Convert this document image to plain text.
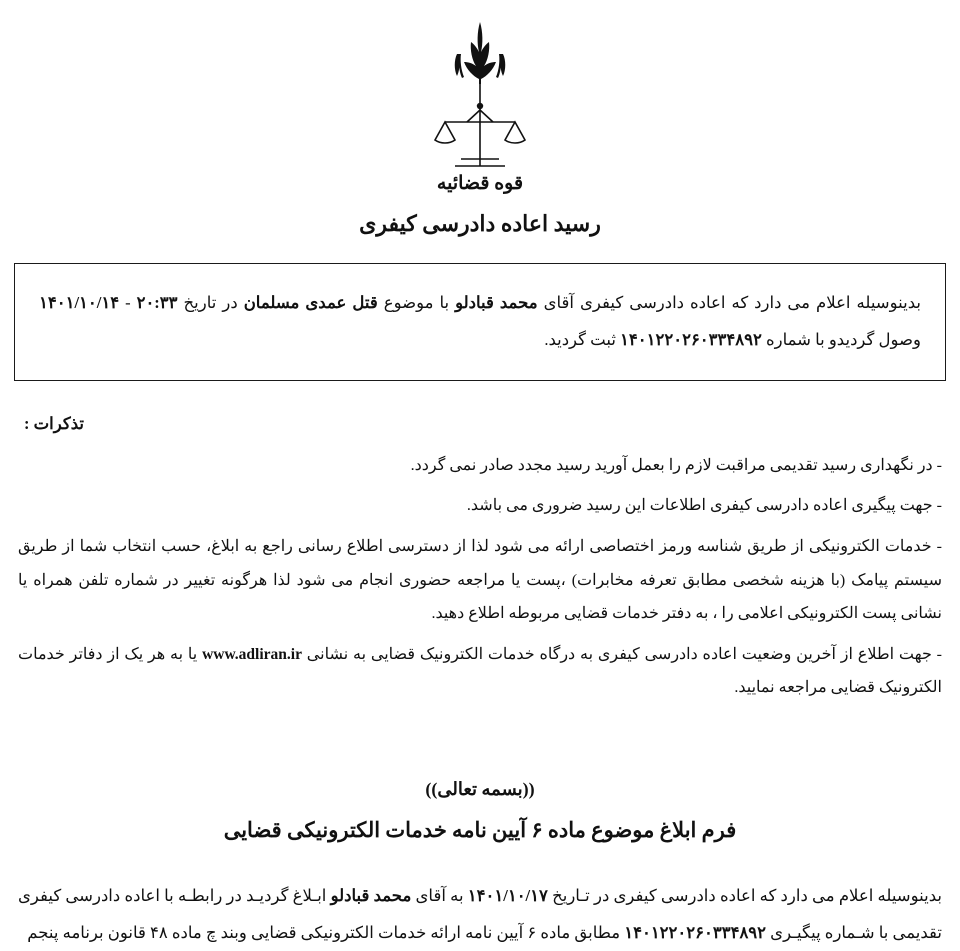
قوه قضائیه
رسید اعاده دادرسی کیفری
بدینوسیله اعلام می دارد که اعاده دادرسی کیفری آقای محمد قبادلو با موضوع قتل عمدی مسلمان در تاریخ ۲۰:۳۳ - ۱۴۰۱/۱۰/۱۴ وصول گردیدو با شماره ۱۴۰۱۲۲۰۲۶۰۳۳۴۸۹۲ ثبت گردید.
تذکرات :
- در نگهداری رسید تقدیمی مراقبت لازم را بعمل آورید رسید مجدد صادر نمی گردد.
- جهت پیگیری اعاده دادرسی کیفری اطلاعات این رسید ضروری می باشد.
- خدمات الکترونیکی از طریق شناسه ورمز اختصاصی ارائه می شود لذا از دسترسی اطلاع رسانی راجع به ابلاغ، حسب انتخاب شما از طریق سیستم پیامک (با هزینه شخصی مطابق تعرفه مخابرات) ،پست یا مراجعه حضوری انجام می شود لذا هرگونه تغییر در شماره تلفن همراه یا نشانی پست الکترونیکی اعلامی را ، به دفتر خدمات قضایی مربوطه اطلاع دهید.
- جهت اطلاع از آخرین وضعیت اعاده دادرسی کیفری به درگاه خدمات الکترونیک قضایی به نشانی www.adliran.ir یا به هر یک از دفاتر خدمات الکترونیک قضایی مراجعه نمایید.
((بسمه تعالی))
فرم ابلاغ موضوع ماده ۶ آیین نامه خدمات الکترونیکی قضایی
بدینوسیله اعلام می دارد که اعاده دادرسی کیفری در تـاریخ ۱۴۰۱/۱۰/۱۷ به آقای محمد قبادلو ابـلاغ گردیـد در رابطـه با اعاده دادرسی کیفری تقدیمی با شـماره پیگیـری ۱۴۰۱۲۲۰۲۶۰۳۳۴۸۹۲ مطابق ماده ۶ آیین نامه ارائه خدمات الکترونیکی قضایی وبند چ ماده ۴۸ قانون برنامه پنجم
